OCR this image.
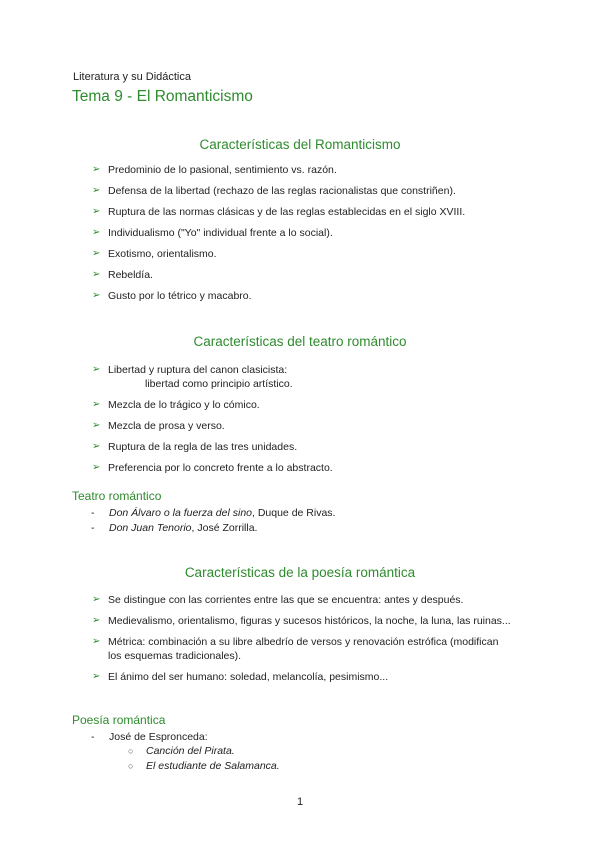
Literatura y su Didáctica
Tema 9 - El Romanticismo
Características del Romanticismo
➢ Predominio de lo pasional, sentimiento vs. razón.
➢ Defensa de la libertad (rechazo de las reglas racionalistas que constriñen).
➢ Ruptura de las normas clásicas y de las reglas establecidas en el siglo XVIII.
➢ Individualismo ("Yo" individual frente a lo social).
➢ Exotismo, orientalismo.
➢ Rebeldía.
➢ Gusto por lo tétrico y macabro.
Características del teatro romántico
➢ Libertad y ruptura del canon clasicista:
libertad como principio artístico.
➢ Mezcla de lo trágico y lo cómico.
➢ Mezcla de prosa y verso.
➢ Ruptura de la regla de las tres unidades.
➢ Preferencia por lo concreto frente a lo abstracto.
Teatro romántico
- Don Álvaro o la fuerza del sino, Duque de Rivas.
- Don Juan Tenorio, José Zorrilla.
Características de la poesía romántica
➢ Se distingue con las corrientes entre las que se encuentra: antes y después.
➢ Medievalismo, orientalismo, figuras y sucesos históricos, la noche, la luna, las ruinas...
➢ Métrica: combinación a su libre albedrío de versos y renovación estrófica (modifican los esquemas tradicionales).
➢ El ánimo del ser humano: soledad, melancolía, pesimismo...
Poesía romántica
- José de Espronceda:
○ Canción del Pirata.
○ El estudiante de Salamanca.
1
